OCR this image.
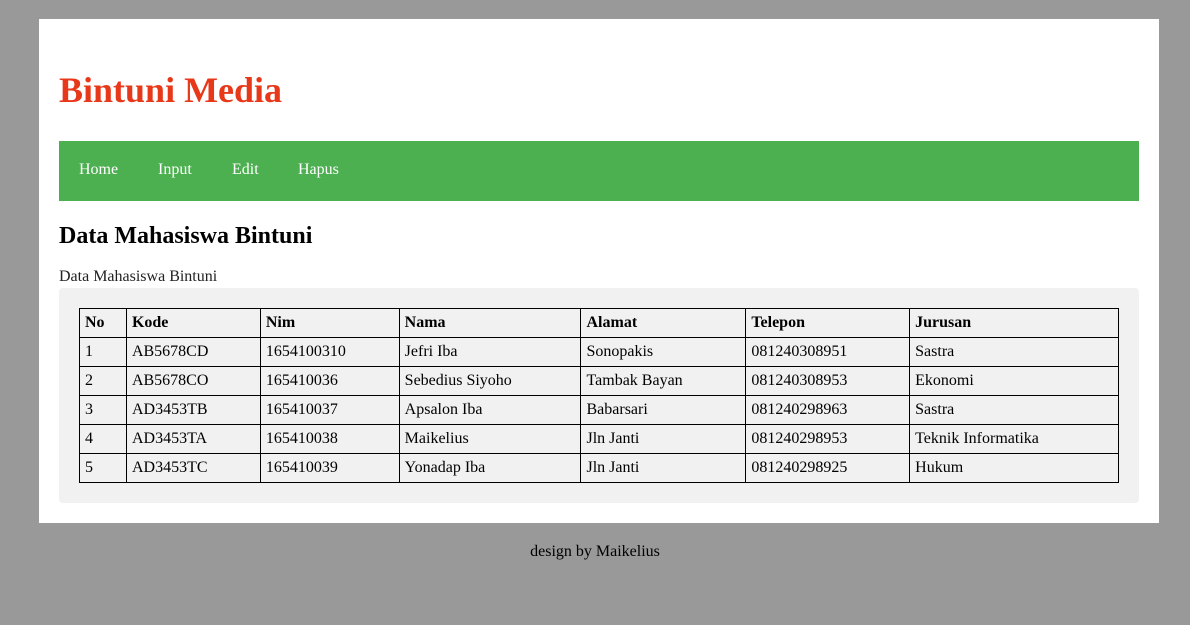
Bintuni Media
Home Input	Edit Hapus
Data Mahasiswa Bintuni
Data Mahasiswa Bintuni
No	Kode	Nim	Nama	Alamat	Telepon	Jurusan
1	AB5678CD	1654100310	Jefri Iba	Sonopakis	081240308951	Sastra
2	AB5678CO	165410036	Sebedius Siyoho	Tambak Bayan	081240308953	Ekonomi
3	AD3453TB	165410037	Apsalon Iba	Babarsari	081240298963	Sastra
4	AD3453TA	165410038	Maikelius	Jln Janti	081240298953	Teknik Informatika
5	AD3453TC	165410039	Yonadap Iba	Jln Janti	081240298925	Hukum
design by Maikelius
